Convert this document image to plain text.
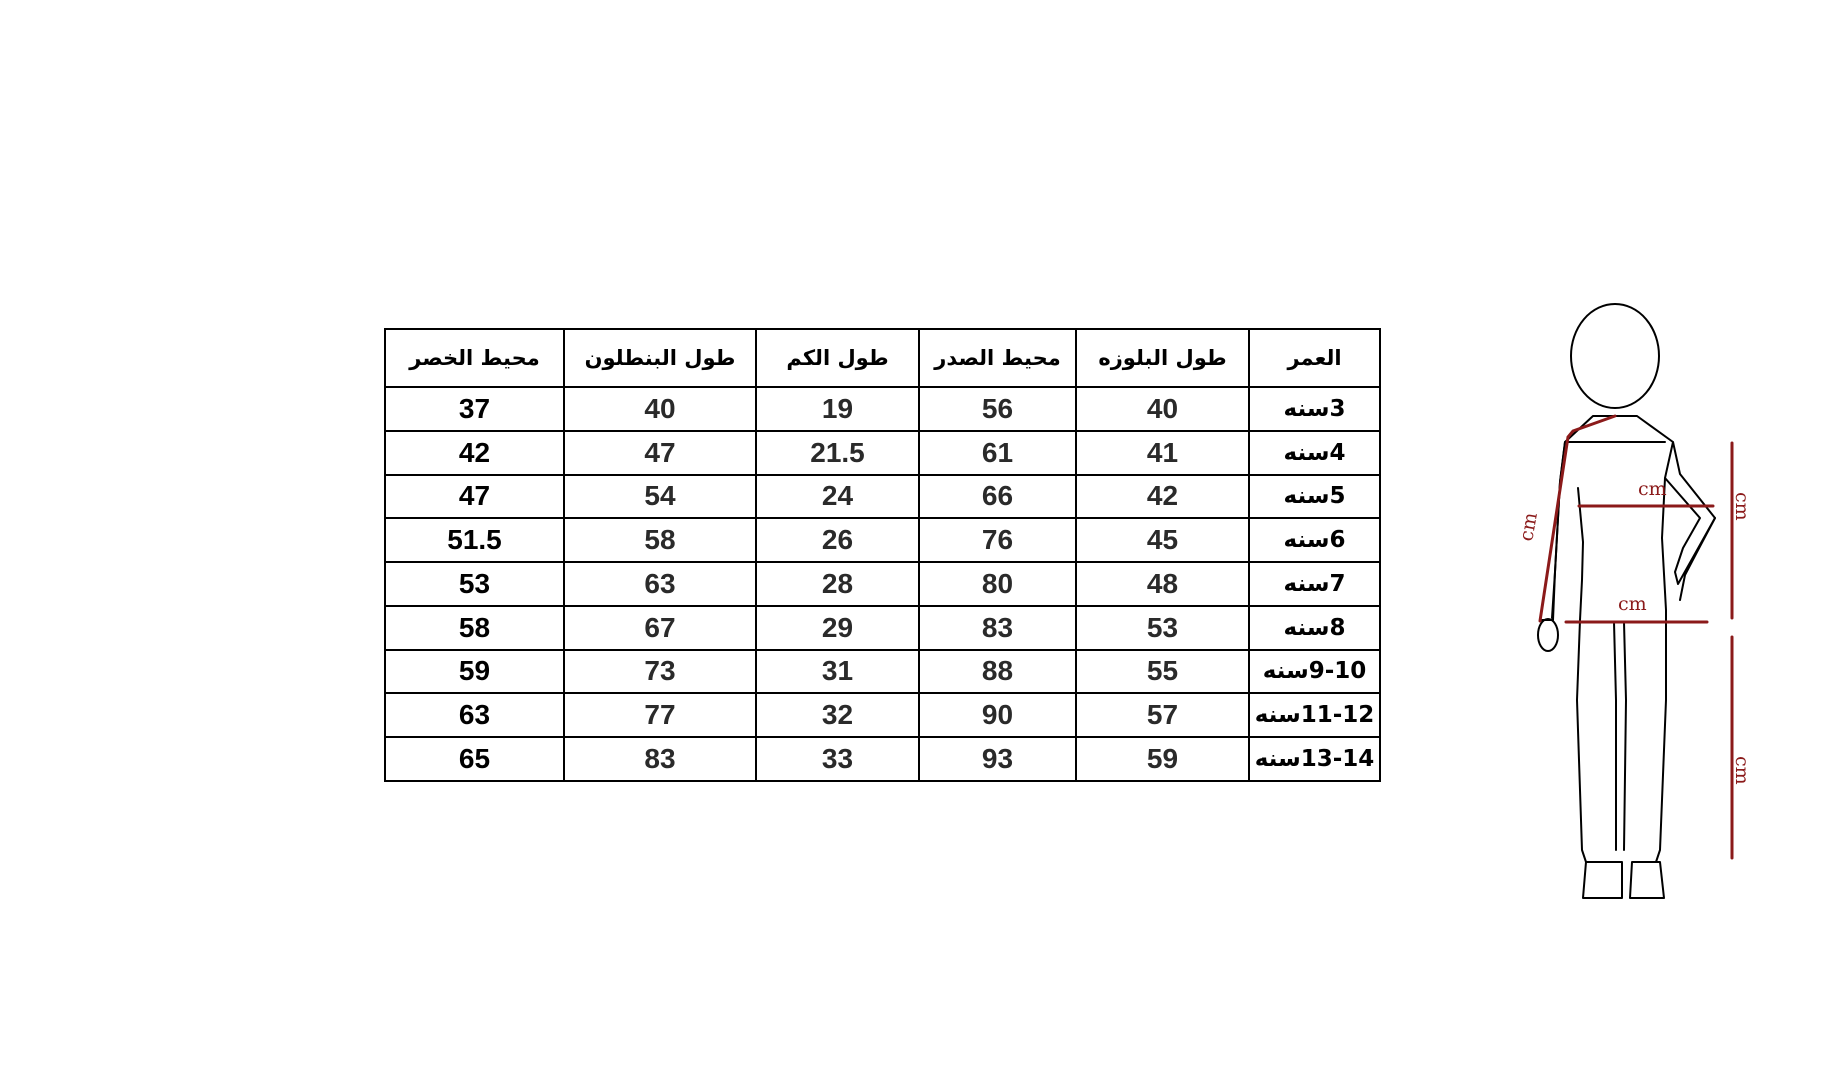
العمر	طول البلوزه	محيط الصدر	طول الكم	طول البنطلون	محيط الخصر
3سنه	40	56	19	40	37
4سنه	41	61	21.5	47	42
5سنه	42	66	24	54	47
6سنه	45	76	26	58	51.5
7سنه	48	80	28	63	53
8سنه	53	83	29	67	58
9-10سنه	55	88	31	73	59
11-12سنه	57	90	32	77	63
13-14سنه	59	93	33	83	65
cm
cm
cm
cm
cm
